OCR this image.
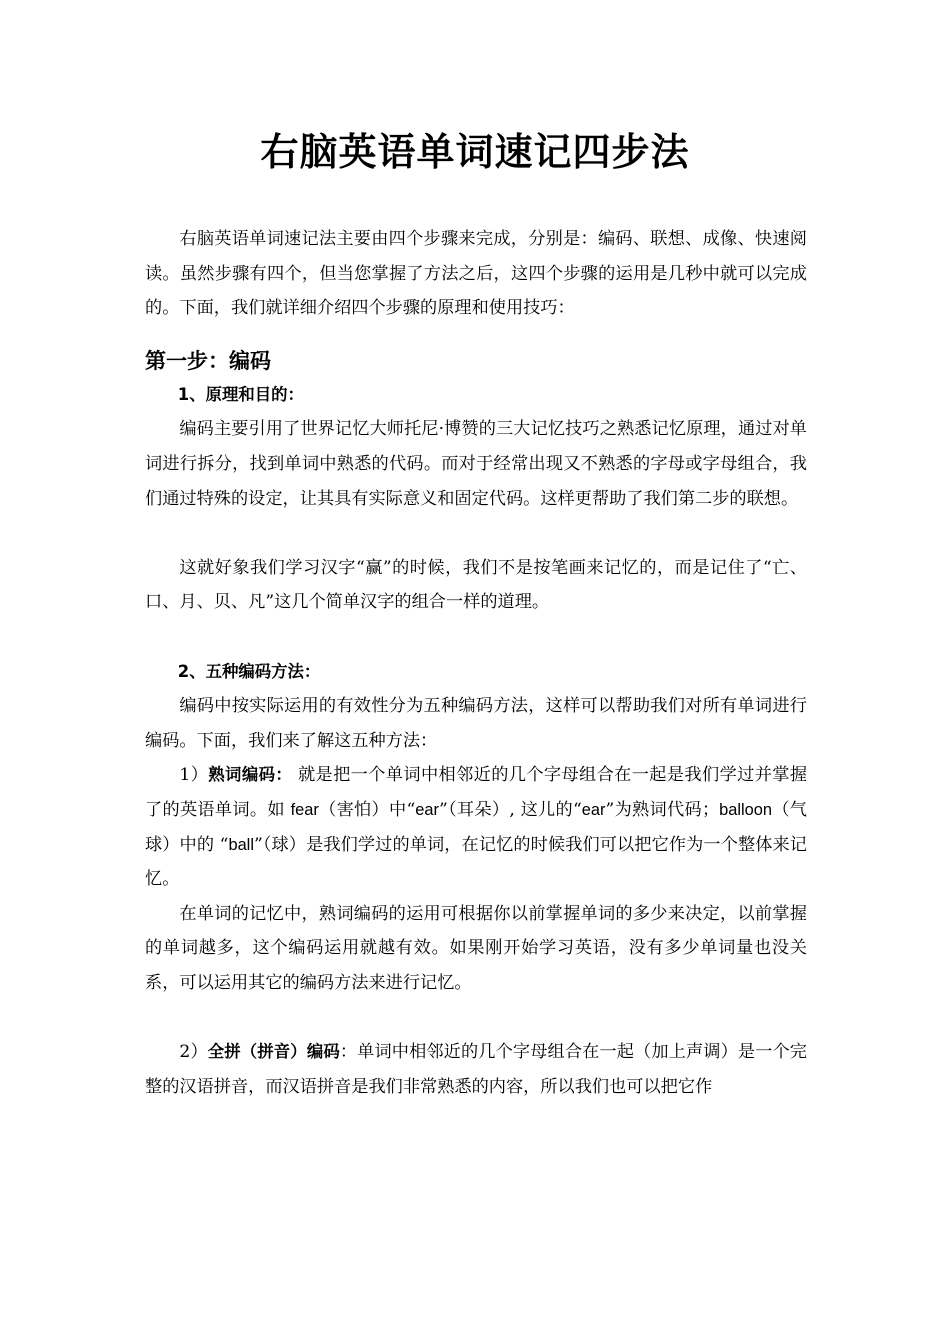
右脑英语单词速记四步法

右脑英语单词速记法主要由四个步骤来完成，分别是：编码、联想、成像、快速阅读。虽然步骤有四个，但当您掌握了方法之后，这四个步骤的运用是几秒中就可以完成的。下面，我们就详细介绍四个步骤的原理和使用技巧：

第一步：编码

1、原理和目的：

编码主要引用了世界记忆大师托尼·博赞的三大记忆技巧之熟悉记忆原理，通过对单词进行拆分，找到单词中熟悉的代码。而对于经常出现又不熟悉的字母或字母组合，我们通过特殊的设定，让其具有实际意义和固定代码。这样更帮助了我们第二步的联想。

这就好象我们学习汉字“赢”的时候，我们不是按笔画来记忆的，而是记住了“亡、口、月、贝、凡”这几个简单汉字的组合一样的道理。

2、五种编码方法：

编码中按实际运用的有效性分为五种编码方法，这样可以帮助我们对所有单词进行编码。下面，我们来了解这五种方法：

1）熟词编码： 就是把一个单词中相邻近的几个字母组合在一起是我们学过并掌握了的英语单词。如 fear（害怕）中“ear”（耳朵）, 这儿的“ear”为熟词代码；balloon（气球）中的 “ball”（球）是我们学过的单词，在记忆的时候我们可以把它作为一个整体来记忆。

在单词的记忆中，熟词编码的运用可根据你以前掌握单词的多少来决定，以前掌握的单词越多，这个编码运用就越有效。如果刚开始学习英语，没有多少单词量也没关系，可以运用其它的编码方法来进行记忆。

2）全拼（拼音）编码：单词中相邻近的几个字母组合在一起（加上声调）是一个完整的汉语拼音，而汉语拼音是我们非常熟悉的内容，所以我们也可以把它作
